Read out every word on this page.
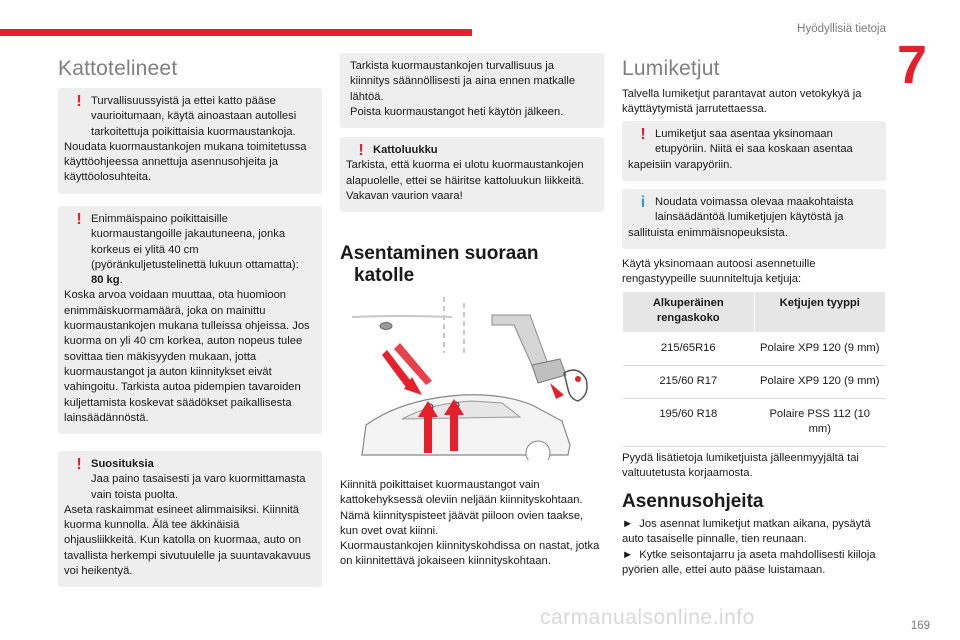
Hyödyllisiä tietoja
7
169
Kattotelineet
! Turvallisuussyistä ja ettei katto pääse vaurioitumaan, käytä ainoastaan autollesi tarkoitettuja poikittaisia kuormaustankoja.
Noudata kuormaustankojen mukana toimitetussa käyttöohjeessa annettuja asennusohjeita ja käyttöolosuhteita.
! Enimmäispaino poikittaisille kuormaustangoille jakautuneena, jonka korkeus ei ylitä 40 cm (pyöränkuljetustelinettä lukuun ottamatta): 80 kg.
Koska arvoa voidaan muuttaa, ota huomioon enimmäiskuormamäärä, joka on mainittu kuormaustankojen mukana tulleissa ohjeissa. Jos kuorma on yli 40 cm korkea, auton nopeus tulee sovittaa tien mäkisyyden mukaan, jotta kuormaustangot ja auton kiinnitykset eivät vahingoitu. Tarkista autoa pidempien tavaroiden kuljettamista koskevat säädökset paikallisesta lainsäädännöstä.
! Suosituksia
Jaa paino tasaisesti ja varo kuormittamasta vain toista puolta.
Aseta raskaimmat esineet alimmaisiksi. Kiinnitä kuorma kunnolla. Älä tee äkkinäisiä ohjausliikkeitä. Kun katolla on kuormaa, auto on tavallista herkempi sivutuulelle ja suuntavakavuus voi heikentyä.
Tarkista kuormaustankojen turvallisuus ja kiinnitys säännöllisesti ja aina ennen matkalle lähtöä.
Poista kuormaustangot heti käytön jälkeen.
! Kattoluukku
Tarkista, että kuorma ei ulotu kuormaustankojen alapuolelle, ettei se häiritse kattoluukun liikkeitä. Vakavan vaurion vaara!
Asentaminen suoraan
katolle
Kiinnitä poikittaiset kuormaustangot vain kattokehyksessä oleviin neljään kiinnityskohtaan. Nämä kiinnityspisteet jäävät piiloon ovien taakse, kun ovet ovat kiinni.
Kuormaustankojen kiinnityskohdissa on nastat, jotka on kiinnitettävä jokaiseen kiinnityskohtaan.
Lumiketjut
Talvella lumiketjut parantavat auton vetokykyä ja käyttäytymistä jarrutettaessa.
! Lumiketjut saa asentaa yksinomaan etupyöriin. Niitä ei saa koskaan asentaa
kapeisiin varapyöriin.
i Noudata voimassa olevaa maakohtaista lainsäädäntöä lumiketjujen käytöstä ja
sallituista enimmäisnopeuksista.
Käytä yksinomaan autoosi asennetuille rengastyypeille suunniteltuja ketjuja:
Alkuperäinen rengaskoko	Ketjujen tyyppi
215/65R16	Polaire XP9 120 (9 mm)
215/60 R17	Polaire XP9 120 (9 mm)
195/60 R18	Polaire PSS 112 (10 mm)
Pyydä lisätietoja lumiketjuista jälleenmyyjältä tai valtuutetusta korjaamosta.
Asennusohjeita
► Jos asennat lumiketjut matkan aikana, pysäytä auto tasaiselle pinnalle, tien reunaan.
► Kytke seisontajarru ja aseta mahdollisesti kiiloja pyörien alle, ettei auto pääse luistamaan.
carmanualsonline.info
